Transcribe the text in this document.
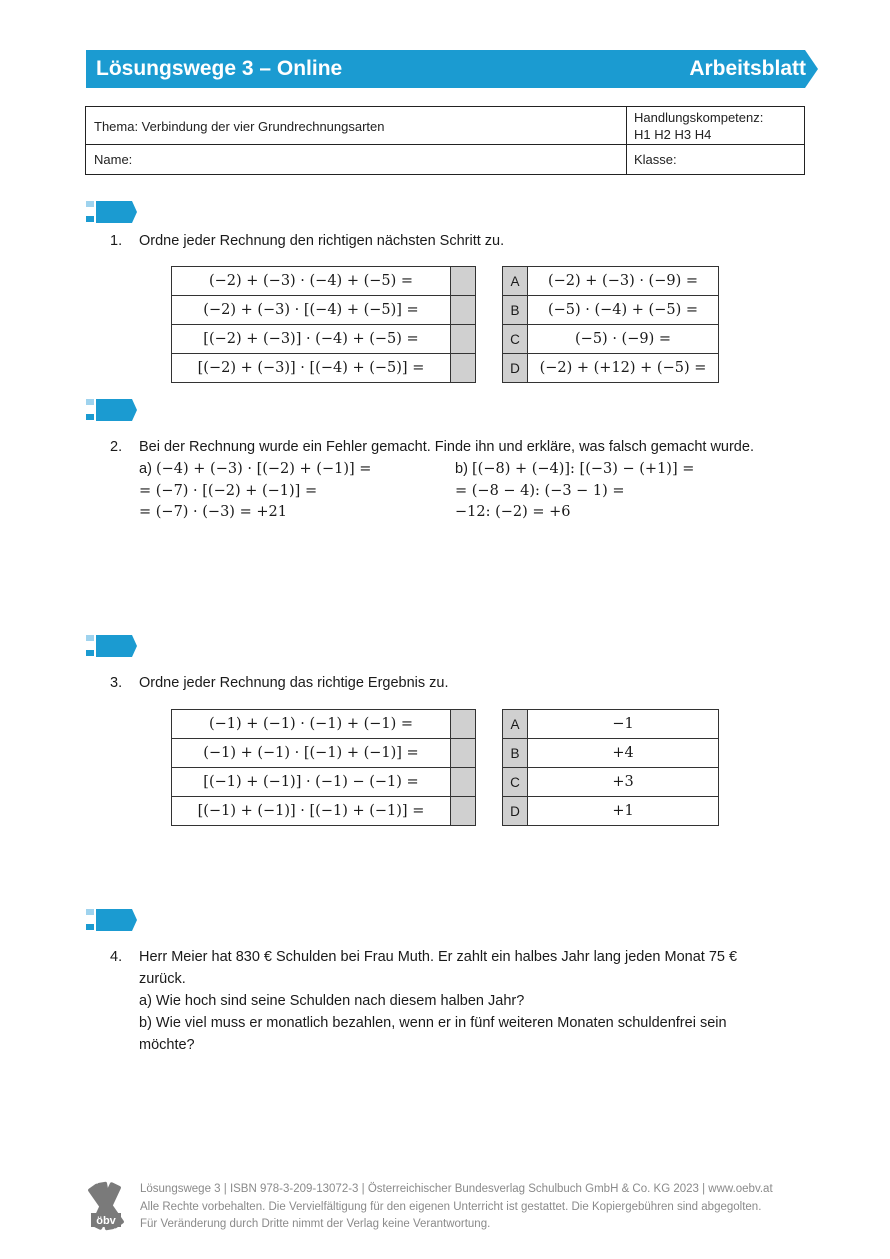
Lösungswege 3 – Online	Arbeitsblatt
Thema: Verbindung der vier Grundrechnungsarten
Handlungskompetenz:
H1 H2 H3 H4
Name:	Klasse:
1. Ordne jeder Rechnung den richtigen nächsten Schritt zu.
(−2) + (−3) · (−4) + (−5) =	
(−2) + (−3) · [(−4) + (−5)] =	
[(−2) + (−3)] · (−4) + (−5) =	
[(−2) + (−3)] · [(−4) + (−5)] =	
A	(−2) + (−3) · (−9) =
B	(−5) · (−4) + (−5) =
C	(−5) · (−9) =
D	(−2) + (+12) + (−5) =
2. Bei der Rechnung wurde ein Fehler gemacht. Finde ihn und erkläre, was falsch gemacht wurde.
a) (−4) + (−3) · [(−2) + (−1)] =
= (−7) · [(−2) + (−1)] =
= (−7) · (−3) = +21
b) [(−8) + (−4)]: [(−3) − (+1)] =
= (−8 − 4): (−3 − 1) =
−12: (−2) = +6
3. Ordne jeder Rechnung das richtige Ergebnis zu.
(−1) + (−1) · (−1) + (−1) =	
(−1) + (−1) · [(−1) + (−1)] =	
[(−1) + (−1)] · (−1) − (−1) =	
[(−1) + (−1)] · [(−1) + (−1)] =	
A	−1
B	+4
C	+3
D	+1
4. Herr Meier hat 830 € Schulden bei Frau Muth. Er zahlt ein halbes Jahr lang jeden Monat 75 €
zurück.
a) Wie hoch sind seine Schulden nach diesem halben Jahr?
b) Wie viel muss er monatlich bezahlen, wenn er in fünf weiteren Monaten schuldenfrei sein
möchte?
öbv
Lösungswege 3 | ISBN 978-3-209-13072-3 | Österreichischer Bundesverlag Schulbuch GmbH & Co. KG 2023 | www.oebv.at
Alle Rechte vorbehalten. Die Vervielfältigung für den eigenen Unterricht ist gestattet. Die Kopiergebühren sind abgegolten.
Für Veränderung durch Dritte nimmt der Verlag keine Verantwortung.
